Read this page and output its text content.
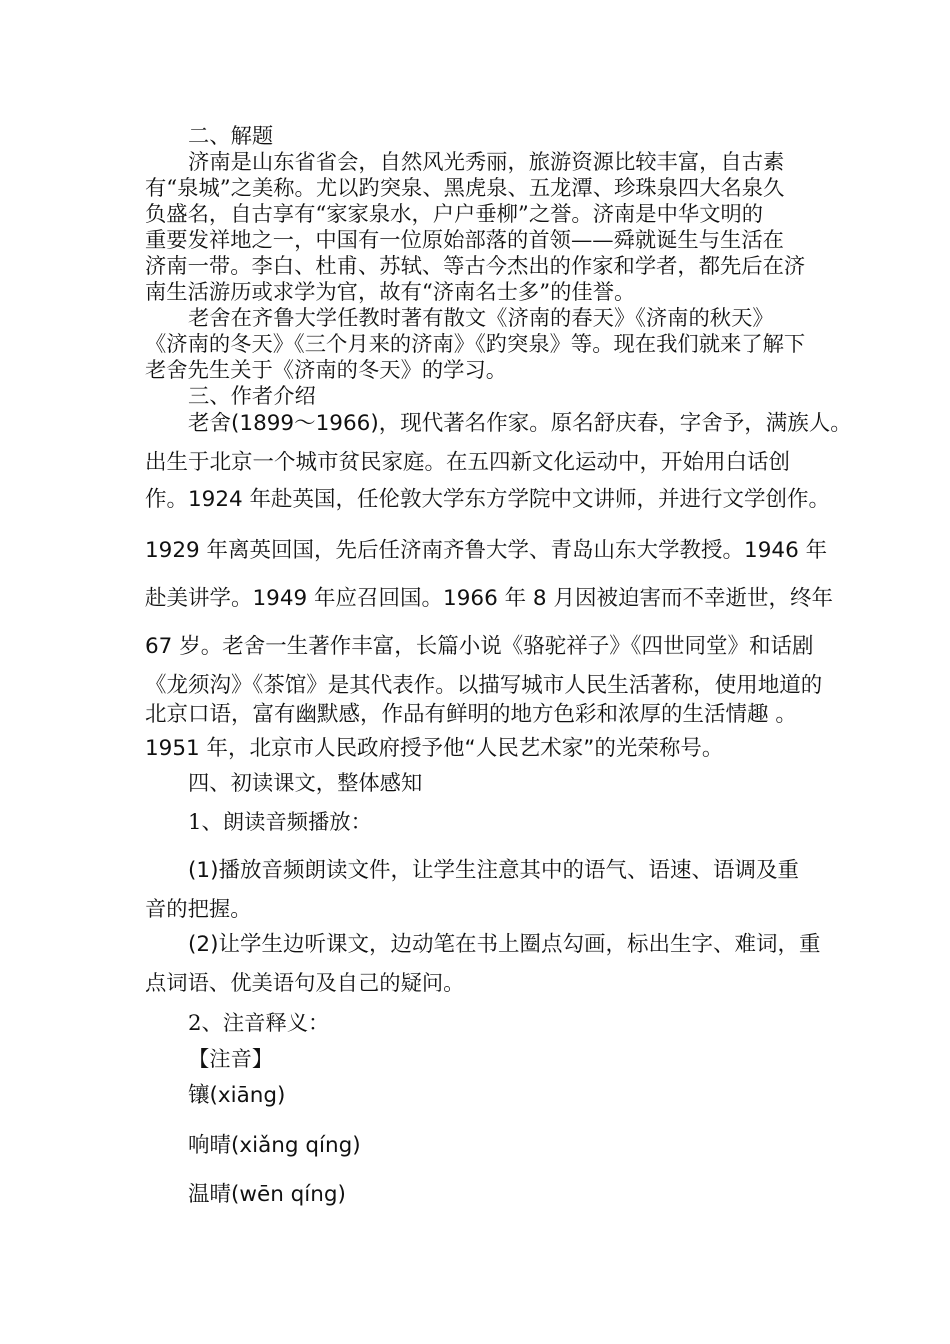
二、解题
济南是山东省省会，自然风光秀丽，旅游资源比较丰富，自古素
有“泉城”之美称。尤以趵突泉、黑虎泉、五龙潭、珍珠泉四大名泉久
负盛名，自古享有“家家泉水，户户垂柳”之誉。济南是中华文明的
重要发祥地之一，中国有一位原始部落的首领——舜就诞生与生活在
济南一带。李白、杜甫、苏轼、等古今杰出的作家和学者，都先后在济
南生活游历或求学为官，故有“济南名士多”的佳誉。
老舍在齐鲁大学任教时著有散文《济南的春天》《济南的秋天》
《济南的冬天》《三个月来的济南》《趵突泉》等。现在我们就来了解下
老舍先生关于《济南的冬天》的学习。
三、作者介绍
老舍(1899～1966)，现代著名作家。原名舒庆春，字舍予，满族人。
出生于北京一个城市贫民家庭。在五四新文化运动中，开始用白话创
作。1924 年赴英国，任伦敦大学东方学院中文讲师，并进行文学创作。
1929 年离英回国，先后任济南齐鲁大学、青岛山东大学教授。1946 年
赴美讲学。1949 年应召回国。1966 年 8 月因被迫害而不幸逝世，终年
67 岁。老舍一生著作丰富，长篇小说《骆驼祥子》《四世同堂》和话剧
《龙须沟》《茶馆》是其代表作。以描写城市人民生活著称，使用地道的
北京口语，富有幽默感，作品有鲜明的地方色彩和浓厚的生活情趣 。
1951 年，北京市人民政府授予他“人民艺术家”的光荣称号。
四、初读课文，整体感知
1、朗读音频播放：
(1)播放音频朗读文件，让学生注意其中的语气、语速、语调及重
音的把握。
(2)让学生边听课文，边动笔在书上圈点勾画，标出生字、难词，重
点词语、优美语句及自己的疑问。
2、注音释义：
【注音】
镶(xiāng)
响晴(xiǎng qíng)
温晴(wēn qíng)
